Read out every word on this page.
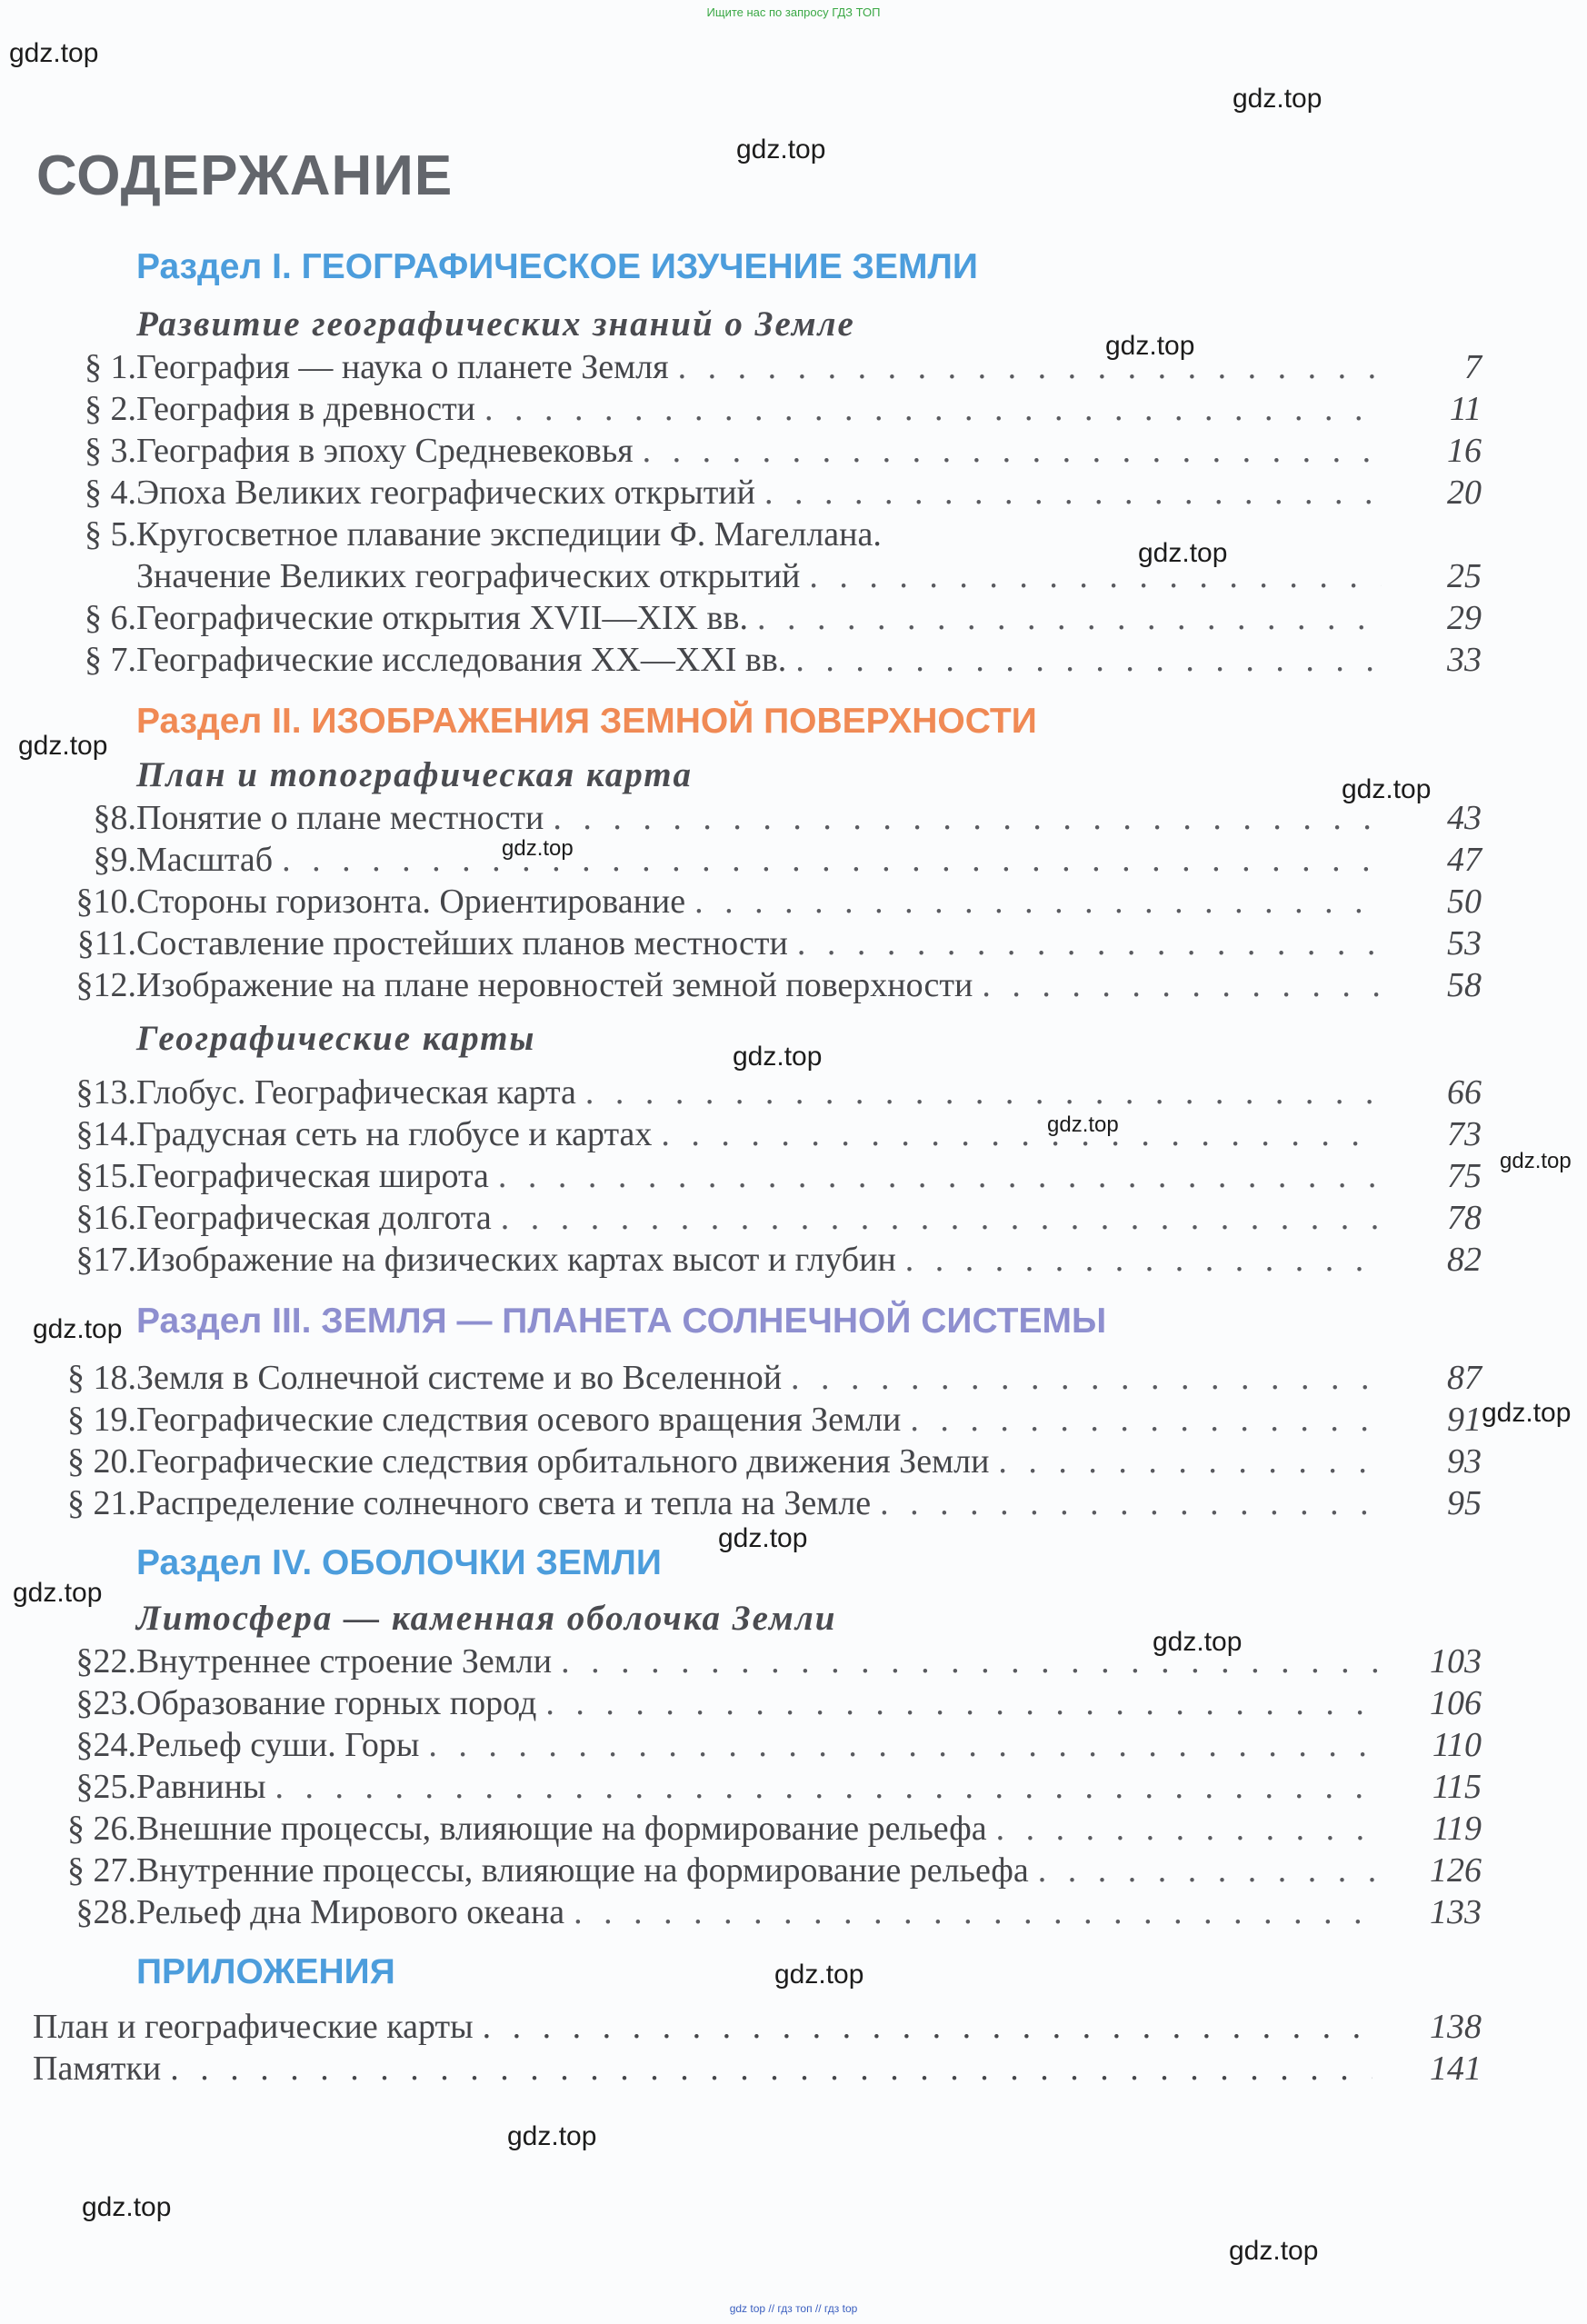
Ищите нас по запросу ГДЗ ТОП
gdz top // гдз топ // гдз top
СОДЕРЖАНИЕ
Раздел I. ГЕОГРАФИЧЕСКОЕ ИЗУЧЕНИЕ ЗЕМЛИ
Развитие географических знаний о Земле
§ 1. География — наука о планете Земля . . .	7
§ 2. География в древности . . .	11
§ 3. География в эпоху Средневековья . . .	16
§ 4. Эпоха Великих географических открытий . . .	20
§ 5. Кругосветное плавание экспедиции Ф. Магеллана.
Значение Великих географических открытий . . .	25
§ 6. Географические открытия XVII—XIX вв. . . .	29
§ 7. Географические исследования XX—XXI вв. . . .	33
Раздел II. ИЗОБРАЖЕНИЯ ЗЕМНОЙ ПОВЕРХНОСТИ
План и топографическая карта
§8. Понятие о плане местности . . .	43
§9. Масштаб . . .	47
§10. Стороны горизонта. Ориентирование . . .	50
§11. Составление простейших планов местности . . .	53
§12. Изображение на плане неровностей земной поверхности . . .	58
Географические карты
§13. Глобус. Географическая карта . . .	66
§14. Градусная сеть на глобусе и картах . . .	73
§15. Географическая широта . . .	75
§16. Географическая долгота . . .	78
§17. Изображение на физических картах высот и глубин . . .	82
Раздел III. ЗЕМЛЯ — ПЛАНЕТА СОЛНЕЧНОЙ СИСТЕМЫ
§ 18. Земля в Солнечной системе и во Вселенной . . .	87
§ 19. Географические следствия осевого вращения Земли . . .	91
§ 20. Географические следствия орбитального движения Земли . . .	93
§ 21. Распределение солнечного света и тепла на Земле . . .	95
Раздел IV. ОБОЛОЧКИ ЗЕМЛИ
Литосфера — каменная оболочка Земли
§22. Внутреннее строение Земли . . .	103
§23. Образование горных пород . . .	106
§24. Рельеф суши. Горы . . .	110
§25. Равнины . . .	115
§ 26. Внешние процессы, влияющие на формирование рельефа . . .	119
§ 27. Внутренние процессы, влияющие на формирование рельефа . . .	126
§28. Рельеф дна Мирового океана . . .	133
ПРИЛОЖЕНИЯ
План и географические карты . . .	138
Памятки . . .	141
gdz.top
gdz.top
gdz.top
gdz.top
gdz.top
gdz.top
gdz.top
gdz.top
gdz.top
gdz.top
gdz.top
gdz.top
gdz.top
gdz.top
gdz.top
gdz.top
gdz.top
gdz.top
gdz.top
gdz.top
